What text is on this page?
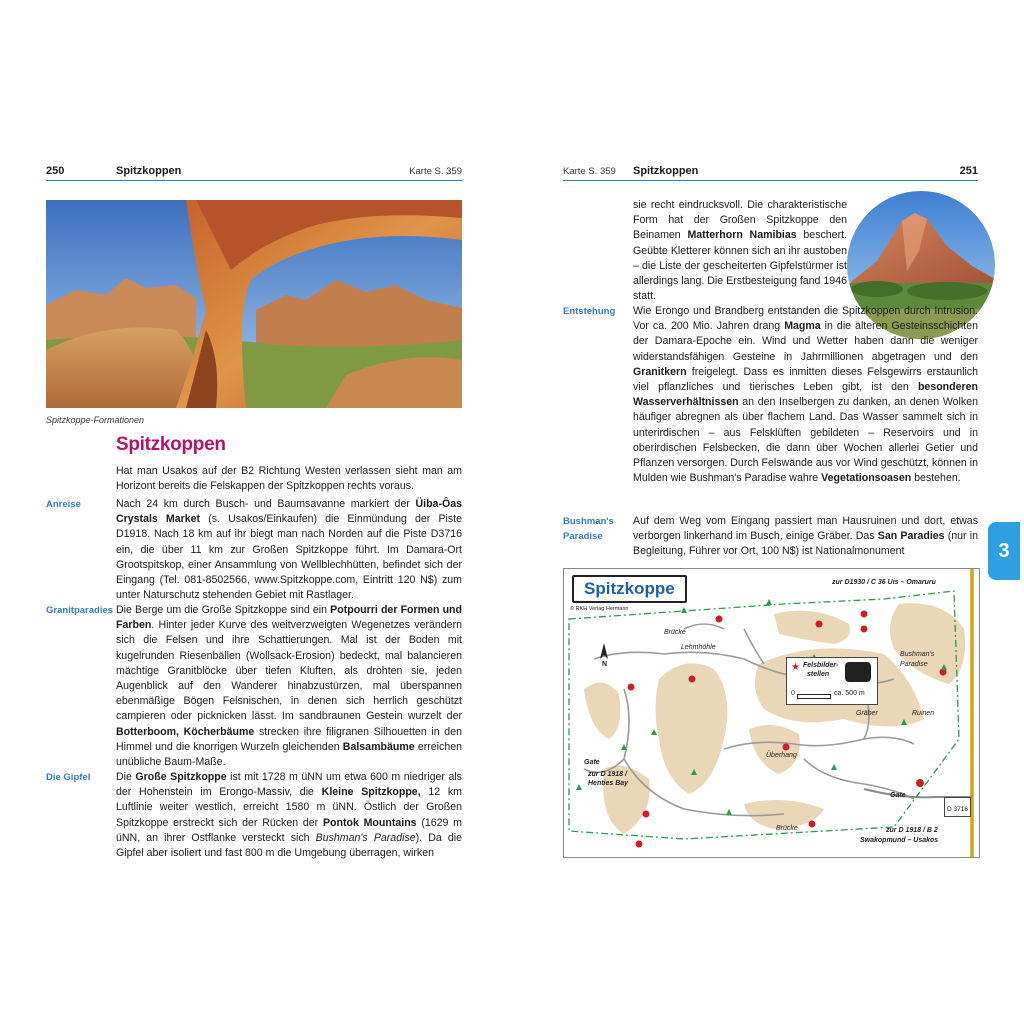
250	Spitzkoppen	Karte S. 359
Spitzkoppe-Formationen
Spitzkoppen
Hat man Usakos auf der B2 Richtung Westen verlassen sieht man am Horizont bereits die Felskappen der Spitzkoppen rechts voraus.
Anreise	Nach 24 km durch Busch- und Baumsavanne markiert der Üiba-Ôas Crystals Market (s. Usakos/Einkaufen) die Einmündung der Piste D1918. Nach 18 km auf ihr biegt man nach Norden auf die Piste D3716 ein, die über 11 km zur Großen Spitzkoppe führt. Im Damara-Ort Grootspitskop, einer Ansammlung von Wellblechhütten, befindet sich der Eingang (Tel. 081-8502566, www.Spitzkoppe.com, Eintritt 120 N$) zum unter Naturschutz stehenden Gebiet mit Rastlager.
Granitparadies Die Berge um die Große Spitzkoppe sind ein Potpourri der Formen und Farben. Hinter jeder Kurve des weitverzweigten Wegenetzes verändern sich die Felsen und ihre Schattierungen. Mal ist der Boden mit kugelrunden Riesenbällen (Wollsack-Erosion) bedeckt, mal balancieren mächtige Granitblöcke über tiefen Kluften, als drohten sie, jeden Augenblick auf den Wanderer hinabzustürzen, mal überspannen ebenmäßige Bögen Felsnischen, in denen sich herrlich geschützt campieren oder picknicken lässt. Im sandbraunen Gestein wurzelt der Botterboom, Köcherbäume strecken ihre filigranen Silhouetten in den Himmel und die knorrigen Wurzeln gleichenden Balsambäume erreichen unübliche Baum-Maße.
Die Gipfel Die Große Spitzkoppe ist mit 1728 m üNN um etwa 600 m niedriger als der Hohenstein im Erongo-Massiv, die Kleine Spitzkoppe, 12 km Luftlinie weiter westlich, erreicht 1580 m üNN. Östlich der Großen Spitzkoppe erstreckt sich der Rücken der Pontok Mountains (1629 m üNN, an ihrer Ostflanke versteckt sich Bushman's Paradise). Da die Gipfel aber isoliert und fast 800 m die Umgebung überragen, wirken
Karte S. 359 Spitzkoppen	251
sie recht eindrucksvoll. Die charakteristische Form hat der Großen Spitzkoppe den Beinamen Matterhorn Namibias beschert. Geübte Kletterer können sich an ihr austoben – die Liste der gescheiterten Gipfelstürmer ist allerdings lang. Die Erstbesteigung fand 1946 statt.
Entstehung Wie Erongo und Brandberg entstanden die Spitzkoppen durch Intrusion. Vor ca. 200 Mio. Jahren drang Magma in die älteren Gesteinsschichten der Damara-Epoche ein. Wind und Wetter haben dann die weniger widerstandsfähigen Gesteine in Jahrmillionen abgetragen und den Granitkern freigelegt. Dass es inmitten dieses Felsgewirrs erstaunlich viel pflanzliches und tierisches Leben gibt, ist den besonderen Wasserverhältnissen an den Inselbergen zu danken, an denen Wolken häufiger abregnen als über flachem Land. Das Wasser sammelt sich in unterirdischen – aus Felsklüften gebildeten – Reservoirs und in oberirdischen Felsbecken, die dann über Wochen allerlei Getier und Pflanzen versorgen. Durch Felswände aus vor Wind geschützt, können in Mulden wie Bushman's Paradise wahre Vegetationsoasen bestehen.
Bushman's
Paradise
Auf dem Weg vom Eingang passiert man Hausruinen und dort, etwas verborgen linkerhand im Busch, einige Gräber. Das San Paradies (nur in Begleitung, Führer vor Ort, 100 N$) ist Nationalmonument	3
Spitzkoppe
© RKH Verlag Hermann
zur D1930 / C 36 Uis – Omaruru
Brücke
Lehmhöhle
Bushman's
Paradise
Gräber	Ruinen
Überhang
Brücke
★ Felsbilder-
stellen
0	ca. 500 m
N
Gate
zur D 1918 /
Henties Bay
Gate
D 3716
zur D 1918 / B 2
Swakopmund – Usakos
